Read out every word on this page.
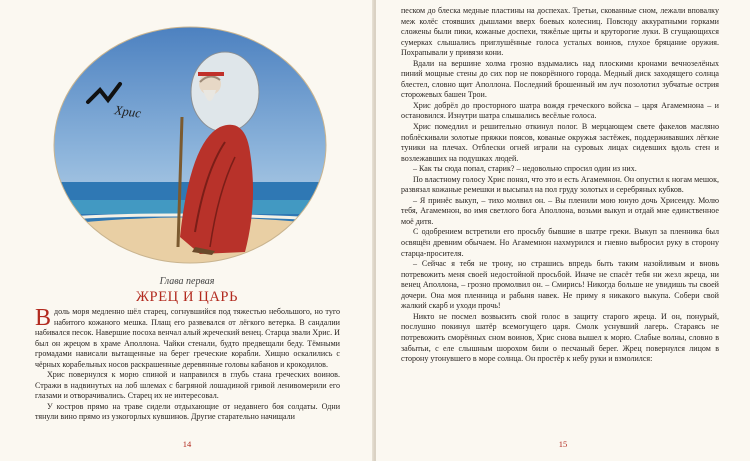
Хрис
Глава первая
ЖРЕЦ И ЦАРЬ

Вдоль моря медленно шёл старец, согнувшийся под тяжестью небольшого, но туго набитого кожаного мешка. Плащ его развевался от лёгкого ветерка. В сандалии набивался песок. Навершие посоха венчал алый жреческий венец. Старца звали Хрис. И был он жрецом в храме Аполлона. Чайки стенали, будто предвещали беду. Тёмными громадами нависали вытащенные на берег греческие корабли. Хищно оскалились с чёрных корабельных носов раскрашенные деревянные головы кабанов и крокодилов.

Хрис повернулся к морю спиной и направился в глубь стана греческих воинов. Стражи в надвинутых на лоб шлемах с багряной лошадиной гривой ленивомерили его глазами и отворачивались. Старец их не интересовал.

У костров прямо на траве сидели отдыхающие от недавнего боя солдаты. Одни тянули вино прямо из узкогорлых кувшинов. Другие старательно начищали

14

песком до блеска медные пластины на доспехах. Третьи, скованные сном, лежали вповалку меж колёс стоявших дышлами вверх боевых колесниц. Повсюду аккуратными горками сложены были пики, кожаные доспехи, тяжёлые щиты и круторогие луки. В сгущающихся сумерках слышались приглушённые голоса усталых воинов, глухое бряцание оружия. Похрапывали у привязи кони.

Вдали на вершине холма грозно вздымались над плоскими кронами вечнозелёных пиний мощные стены до сих пор не покорённого города. Медный диск заходящего солнца блестел, словно щит Аполлона. Последний брошенный им луч позолотил зубчатые острия сторожевых башен Трои.

Хрис добрёл до просторного шатра вождя греческого войска – царя Агамемнона – и остановился. Изнутри шатра слышались весёлые голоса.

Хрис помедлил и решительно откинул полог. В мерцающем свете факелов масляно поблёскивали золотые пряжки поясов, кованые окружья застёжек, поддерживавших лёгкие туники на плечах. Отблески огней играли на суровых лицах сидевших вдоль стен и возлежавших на подушках людей.

– Как ты сюда попал, старик? – недовольно спросил один из них.

По властному голосу Хрис понял, что это и есть Агамемнон. Он опустил к ногам мешок, развязал кожаные ремешки и высыпал на пол груду золотых и серебряных кубков.

– Я принёс выкуп, – тихо молвил он. – Вы пленили мою юную дочь Хрисеиду. Молю тебя, Агамемнон, во имя светлого бога Аполлона, возьми выкуп и отдай мне единственное моё дитя.

С одобрением встретили его просьбу бывшие в шатре греки. Выкуп за пленника был освящён древним обычаем. Но Агамемнон нахмурился и гневно выбросил руку в сторону старца-просителя.

– Сейчас я тебя не трону, но страшись впредь быть таким назойливым и вновь потревожить меня своей недостойной просьбой. Иначе не спасёт тебя ни жезл жреца, ни венец Аполлона, – грозно промолвил он. – Смирись! Никогда больше не увидишь ты своей дочери. Она моя пленница и рабыня навек. Не приму я никакого выкупа. Собери свой жалкий скарб и уходи прочь!

Никто не посмел возвысить свой голос в защиту старого жреца. И он, понурый, послушно покинул шатёр всемогущего царя. Смолк уснувший лагерь. Стараясь не потревожить сморённых сном воинов, Хрис снова вышел к морю. Слабые волны, словно в забытьи, с еле слышным шорохом били о песчаный берег. Жрец повернулся лицом в сторону утонувшего в море солнца. Он простёр к небу руки и взмолился:

15
